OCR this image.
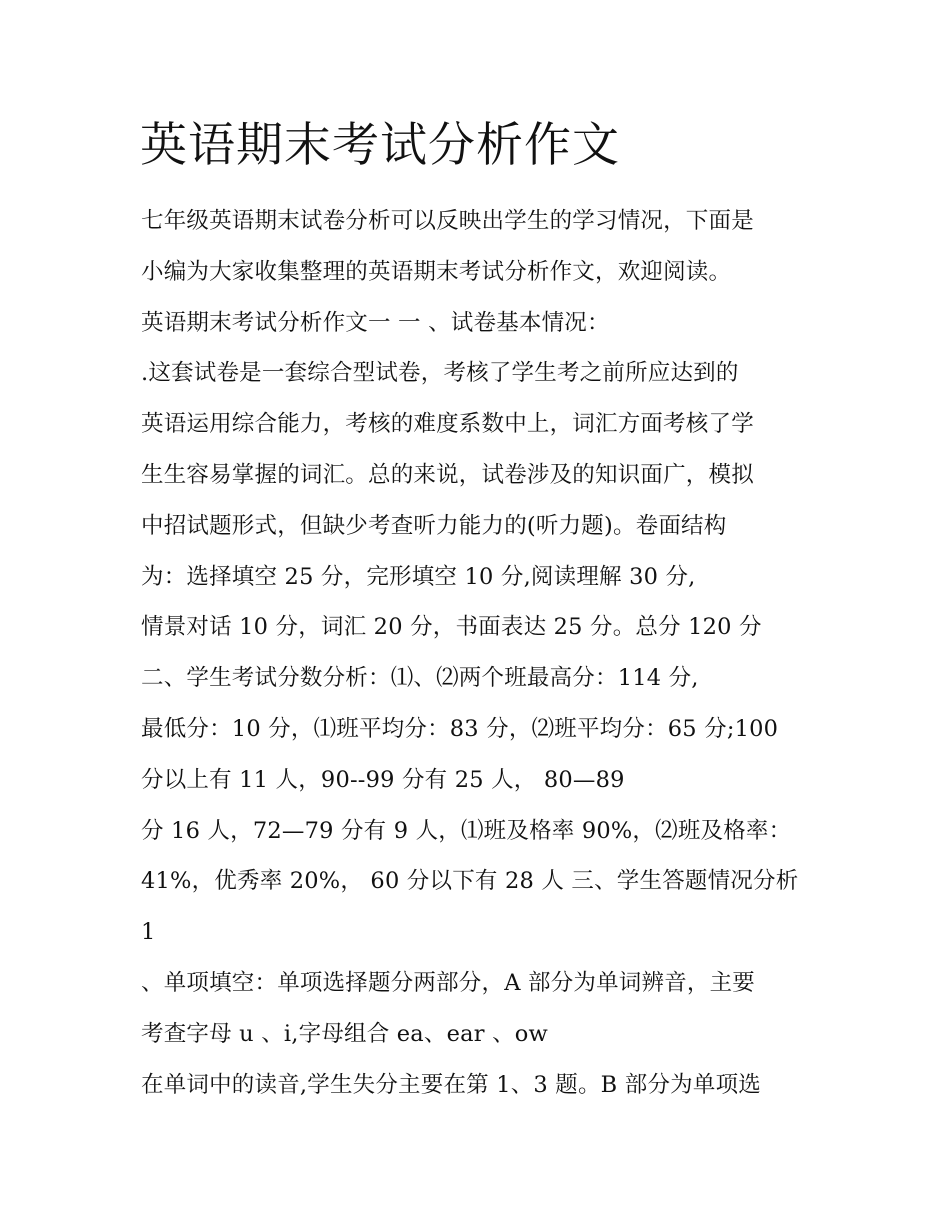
英语期末考试分析作文
七年级英语期末试卷分析可以反映出学生的学习情况，下面是
小编为大家收集整理的英语期末考试分析作文，欢迎阅读。
英语期末考试分析作文一 一 、试卷基本情况：
.这套试卷是一套综合型试卷，考核了学生考之前所应达到的
英语运用综合能力，考核的难度系数中上，词汇方面考核了学
生生容易掌握的词汇。总的来说，试卷涉及的知识面广，模拟
中招试题形式，但缺少考查听力能力的(听力题)。卷面结构
为：选择填空 25 分，完形填空 10 分,阅读理解 30 分,
情景对话 10 分，词汇 20 分，书面表达 25 分。总分 120 分
二、学生考试分数分析：⑴、⑵两个班最高分：114 分,
最低分：10 分，⑴班平均分：83 分，⑵班平均分：65 分;100
分以上有 11 人，90--99 分有 25 人， 80—89
分 16 人，72—79 分有 9 人，⑴班及格率 90%，⑵班及格率：
41%，优秀率 20%， 60 分以下有 28 人 三、学生答题情况分析
1
、单项填空：单项选择题分两部分，A 部分为单词辨音，主要
考查字母 u 、i,字母组合 ea、ear 、ow
在单词中的读音,学生失分主要在第 1、3 题。B 部分为单项选
